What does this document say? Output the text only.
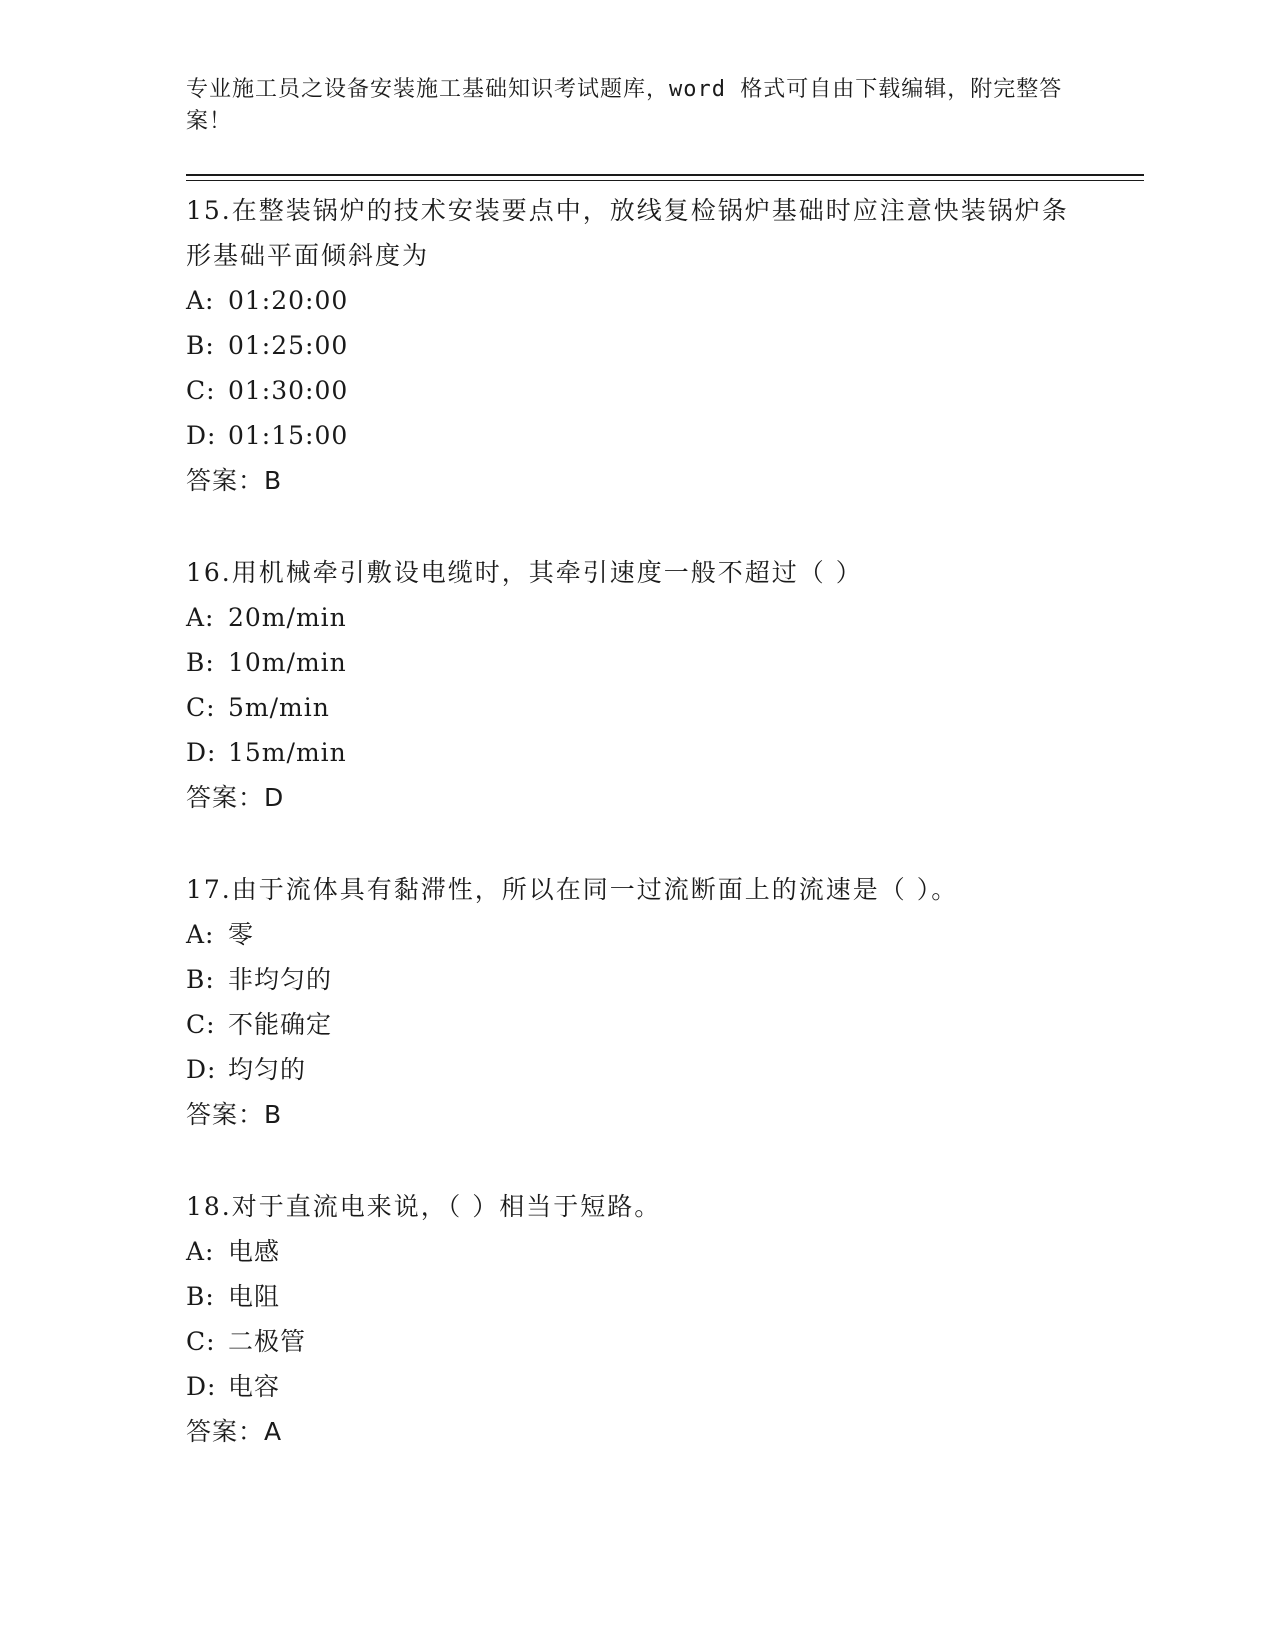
专业施工员之设备安装施工基础知识考试题库，word 格式可自由下载编辑，附完整答案！
15.在整装锅炉的技术安装要点中，放线复检锅炉基础时应注意快装锅炉条形基础平面倾斜度为
A: 01:20:00
B: 01:25:00
C: 01:30:00
D: 01:15:00
答案：B
16.用机械牵引敷设电缆时，其牵引速度一般不超过（ ）
A: 20m/min
B: 10m/min
C: 5m/min
D: 15m/min
答案：D
17.由于流体具有黏滞性，所以在同一过流断面上的流速是（ ）。
A: 零
B: 非均匀的
C: 不能确定
D: 均匀的
答案：B
18.对于直流电来说，（ ）相当于短路。
A: 电感
B: 电阻
C: 二极管
D: 电容
答案：A
